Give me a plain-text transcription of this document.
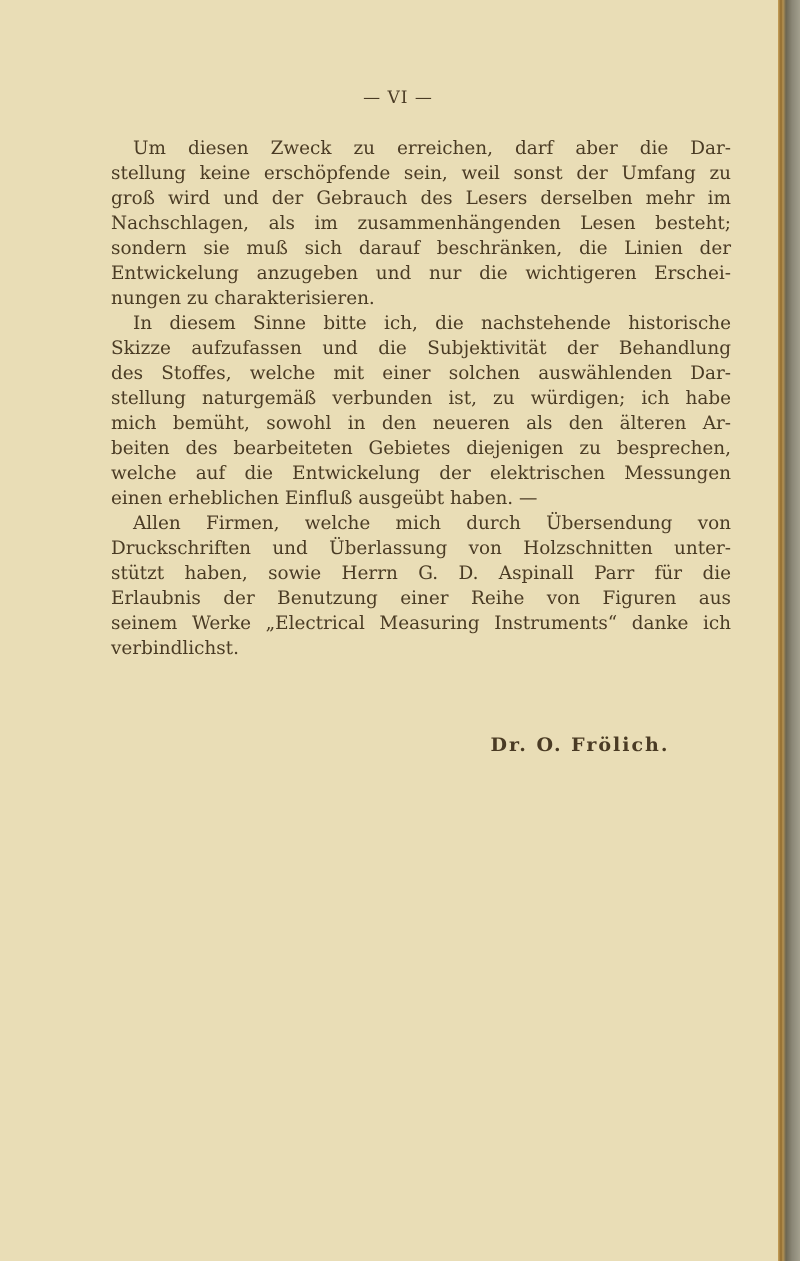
— VI —
Um diesen Zweck zu erreichen, darf aber die Dar-
stellung keine erschöpfende sein, weil sonst der Umfang zu
groß wird und der Gebrauch des Lesers derselben mehr im
Nachschlagen, als im zusammenhängenden Lesen besteht;
sondern sie muß sich darauf beschränken, die Linien der
Entwickelung anzugeben und nur die wichtigeren Erschei-
nungen zu charakterisieren.
In diesem Sinne bitte ich, die nachstehende historische
Skizze aufzufassen und die Subjektivität der Behandlung
des Stoffes, welche mit einer solchen auswählenden Dar-
stellung naturgemäß verbunden ist, zu würdigen; ich habe
mich bemüht, sowohl in den neueren als den älteren Ar-
beiten des bearbeiteten Gebietes diejenigen zu besprechen,
welche auf die Entwickelung der elektrischen Messungen
einen erheblichen Einfluß ausgeübt haben. —
Allen Firmen, welche mich durch Übersendung von
Druckschriften und Überlassung von Holzschnitten unter-
stützt haben, sowie Herrn G. D. Aspinall Parr für die
Erlaubnis der Benutzung einer Reihe von Figuren aus
seinem Werke „Electrical Measuring Instruments“ danke ich
verbindlichst.
Dr. O. Frölich.
